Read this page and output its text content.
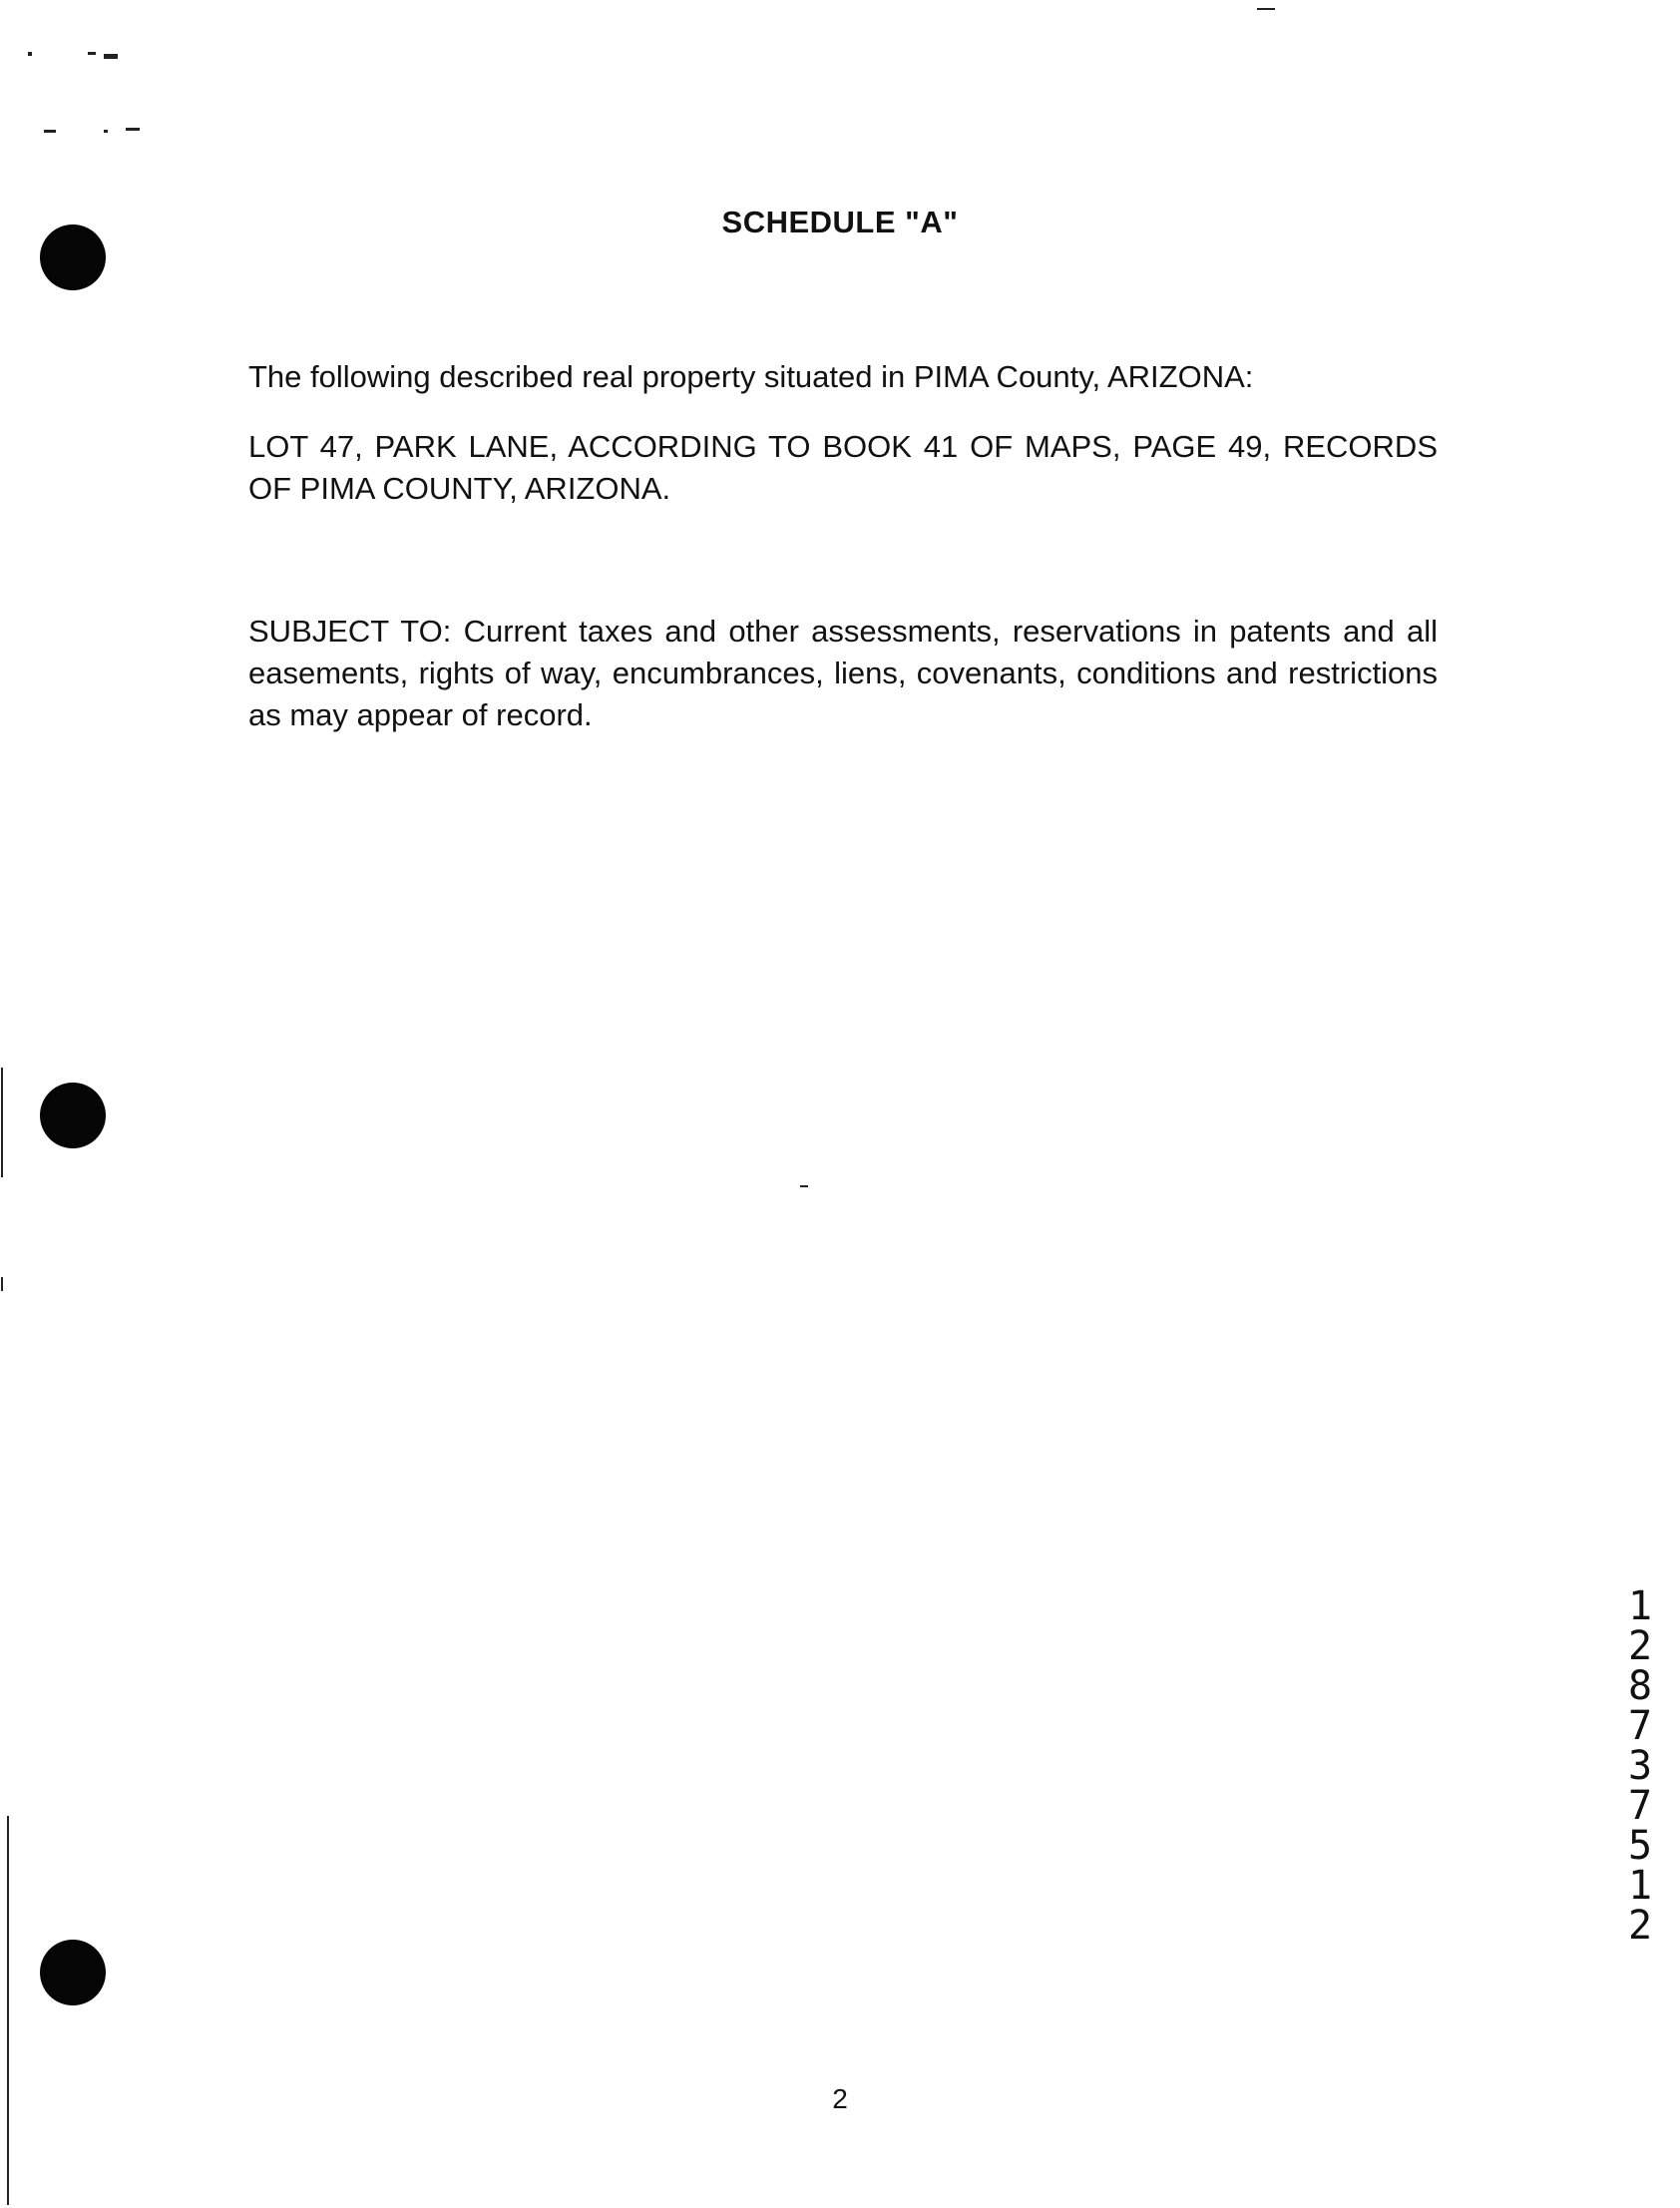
SCHEDULE "A"
The following described real property situated in PIMA County, ARIZONA:
LOT 47, PARK LANE, ACCORDING TO BOOK 41 OF MAPS, PAGE 49, RECORDS OF PIMA COUNTY, ARIZONA.
SUBJECT TO: Current taxes and other assessments, reservations in patents and all easements, rights of way, encumbrances, liens, covenants, conditions and restrictions as may appear of record.
2
1
2
8
7
3
7
5
1
2
